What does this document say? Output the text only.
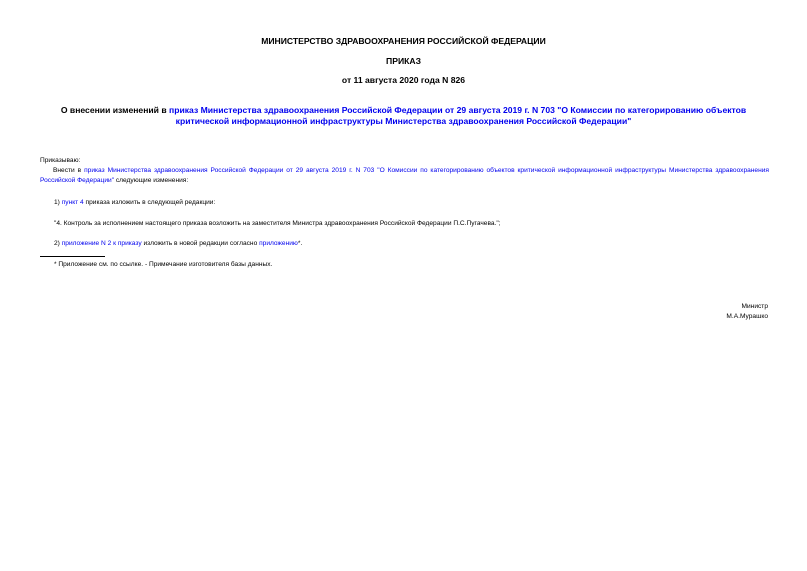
МИНИСТЕРСТВО ЗДРАВООХРАНЕНИЯ РОССИЙСКОЙ ФЕДЕРАЦИИ
ПРИКАЗ
от 11 августа 2020 года N 826
О внесении изменений в приказ Министерства здравоохранения Российской Федерации от 29 августа 2019 г. N 703 "О Комиссии по категорированию объектов критической информационной инфраструктуры Министерства здравоохранения Российской Федерации"
Приказываю:
Внести в приказ Министерства здравоохранения Российской Федерации от 29 августа 2019 г. N 703 "О Комиссии по категорированию объектов критической информационной инфраструктуры Министерства здравоохранения Российской Федерации" следующие изменения:
1) пункт 4 приказа изложить в следующей редакции:
"4. Контроль за исполнением настоящего приказа возложить на заместителя Министра здравоохранения Российской Федерации П.С.Пугачева.";
2) приложение N 2 к приказу изложить в новой редакции согласно приложению*.
* Приложение см. по ссылке. - Примечание изготовителя базы данных.
Министр
М.А.Мурашко
